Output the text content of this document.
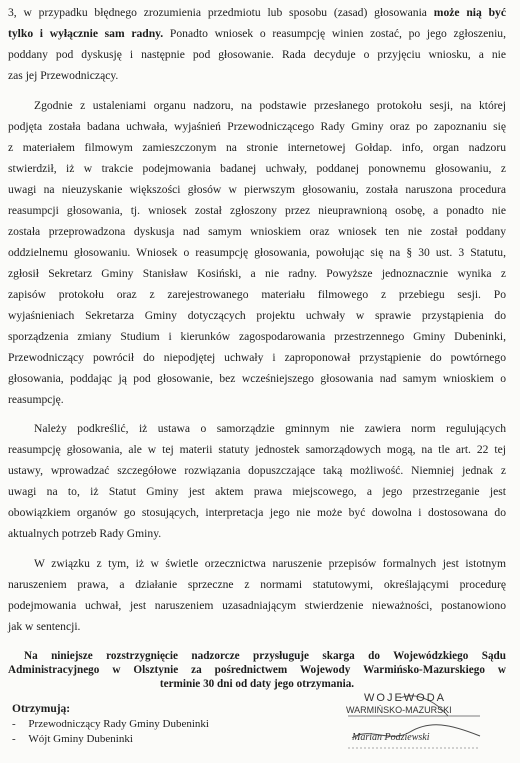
3, w przypadku błędnego zrozumienia przedmiotu lub sposobu (zasad) głosowania może nią być
tylko i wyłącznie sam radny. Ponadto wniosek o reasumpcję winien zostać, po jego zgłoszeniu,
poddany pod dyskusję i następnie pod głosowanie. Rada decyduje o przyjęciu wniosku, a nie
zas jej Przewodniczący.
Zgodnie z ustaleniami organu nadzoru, na podstawie przesłanego protokołu sesji, na której
podjęta została badana uchwała, wyjaśnień Przewodniczącego Rady Gminy oraz po zapoznaniu się
z materiałem filmowym zamieszczonym na stronie internetowej Gołdap. info, organ nadzoru
stwierdził, iż w trakcie podejmowania badanej uchwały, poddanej ponownemu głosowaniu, z
uwagi na nieuzyskanie większości głosów w pierwszym głosowaniu, została naruszona procedura
reasumpcji głosowania, tj. wniosek został zgłoszony przez nieuprawnioną osobę, a ponadto nie
została przeprowadzona dyskusja nad samym wnioskiem oraz wniosek ten nie został poddany
oddzielnemu głosowaniu. Wniosek o reasumpcję głosowania, powołując się na § 30 ust. 3 Statutu,
zgłosił Sekretarz Gminy Stanisław Kosiński, a nie radny. Powyższe jednoznacznie wynika z
zapisów protokołu oraz z zarejestrowanego materiału filmowego z przebiegu sesji. Po
wyjaśnieniach Sekretarza Gminy dotyczących projektu uchwały w sprawie przystąpienia do
sporządzenia zmiany Studium i kierunków zagospodarowania przestrzennego Gminy Dubeninki,
Przewodniczący powrócił do niepodjętej uchwały i zaproponował przystąpienie do powtórnego
głosowania, poddając ją pod głosowanie, bez wcześniejszego głosowania nad samym wnioskiem o
reasumpcję.
Należy podkreślić, iż ustawa o samorządzie gminnym nie zawiera norm regulujących
reasumpcję głosowania, ale w tej materii statuty jednostek samorządowych mogą, na tle art. 22 tej
ustawy, wprowadzać szczegółowe rozwiązania dopuszczające taką możliwość. Niemniej jednak z
uwagi na to, iż Statut Gminy jest aktem prawa miejscowego, a jego przestrzeganie jest
obowiązkiem organów go stosujących, interpretacja jego nie może być dowolna i dostosowana do
aktualnych potrzeb Rady Gminy.
W związku z tym, iż w świetle orzecznictwa naruszenie przepisów formalnych jest istotnym
naruszeniem prawa, a działanie sprzeczne z normami statutowymi, określającymi procedurę
podejmowania uchwał, jest naruszeniem uzasadniającym stwierdzenie nieważności, postanowiono
jak w sentencji.
Na niniejsze rozstrzygnięcie nadzorcze przysługuje skarga do Wojewódzkiego Sądu
Administracyjnego w Olsztynie za pośrednictwem Wojewody Warmińsko-Mazurskiego w
terminie 30 dni od daty jego otrzymania.
Otrzymują:
- Przewodniczący Rady Gminy Dubeninki
- Wójt Gminy Dubeninki
WOJEWODA
WARMIŃSKO-MAZURSKI
Marian Podziewski
